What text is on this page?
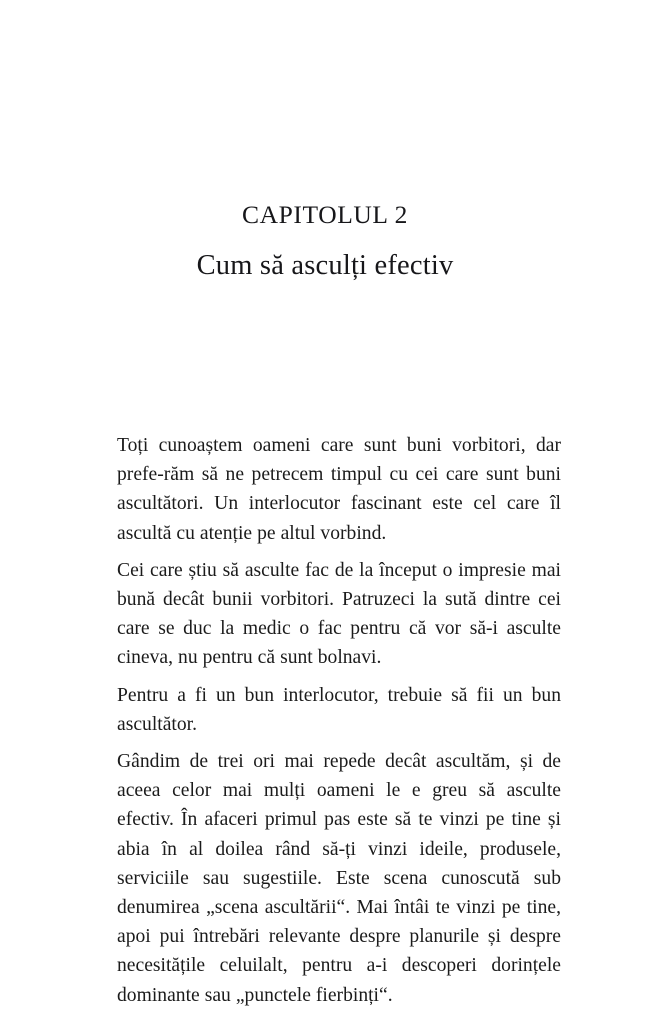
CAPITOLUL 2
Cum să asculți efectiv

Toți cunoaștem oameni care sunt buni vorbitori, dar prefe-răm să ne petrecem timpul cu cei care sunt buni ascultători. Un interlocutor fascinant este cel care îl ascultă cu atenție pe altul vorbind.

Cei care știu să asculte fac de la început o impresie mai bună decât bunii vorbitori. Patruzeci la sută dintre cei care se duc la medic o fac pentru că vor să-i asculte cineva, nu pentru că sunt bolnavi.

Pentru a fi un bun interlocutor, trebuie să fii un bun ascultător.

Gândim de trei ori mai repede decât ascultăm, și de aceea celor mai mulți oameni le e greu să asculte efectiv. În afaceri primul pas este să te vinzi pe tine și abia în al doilea rând să-ți vinzi ideile, produsele, serviciile sau sugestiile. Este scena cunoscută sub denumirea „scena ascultării“. Mai întâi te vinzi pe tine, apoi pui întrebări relevante despre planurile și despre necesitățile celuilalt, pentru a-i descoperi dorințele dominante sau „punctele fierbinți“.
